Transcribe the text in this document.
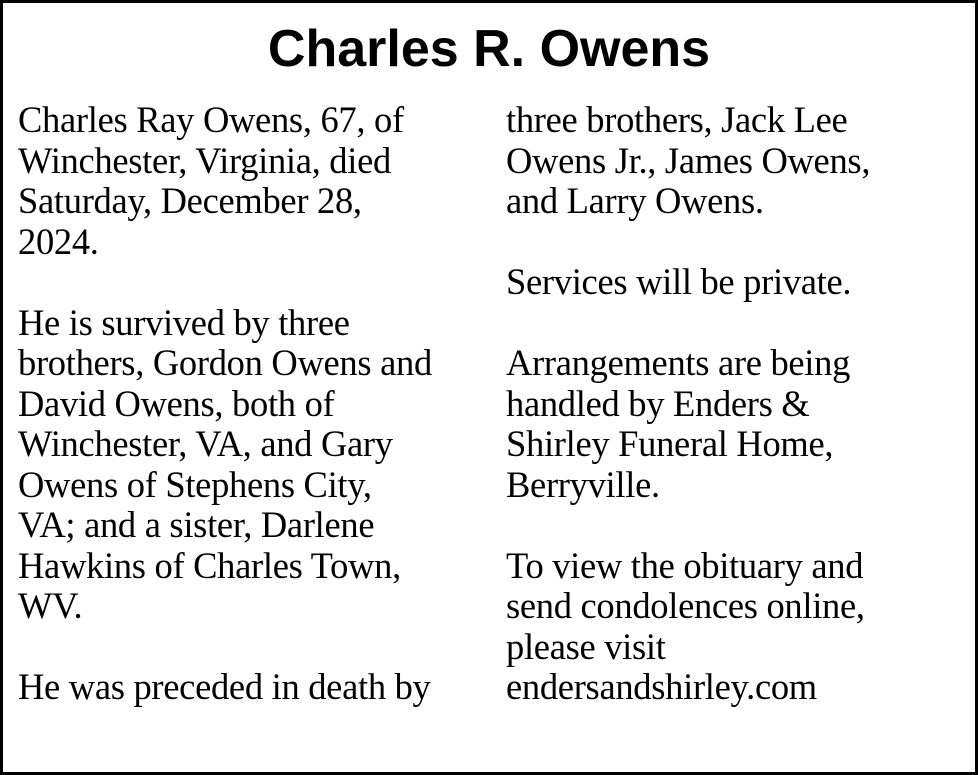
Charles R. Owens
Charles Ray Owens, 67, of
Winchester, Virginia, died
Saturday, December 28,
2024.
He is survived by three
brothers, Gordon Owens and
David Owens, both of
Winchester, VA, and Gary
Owens of Stephens City,
VA; and a sister, Darlene
Hawkins of Charles Town,
WV.
He was preceded in death by
three brothers, Jack Lee
Owens Jr., James Owens,
and Larry Owens.
Services will be private.
Arrangements are being
handled by Enders &
Shirley Funeral Home,
Berryville.
To view the obituary and
send condolences online,
please visit
endersandshirley.com
